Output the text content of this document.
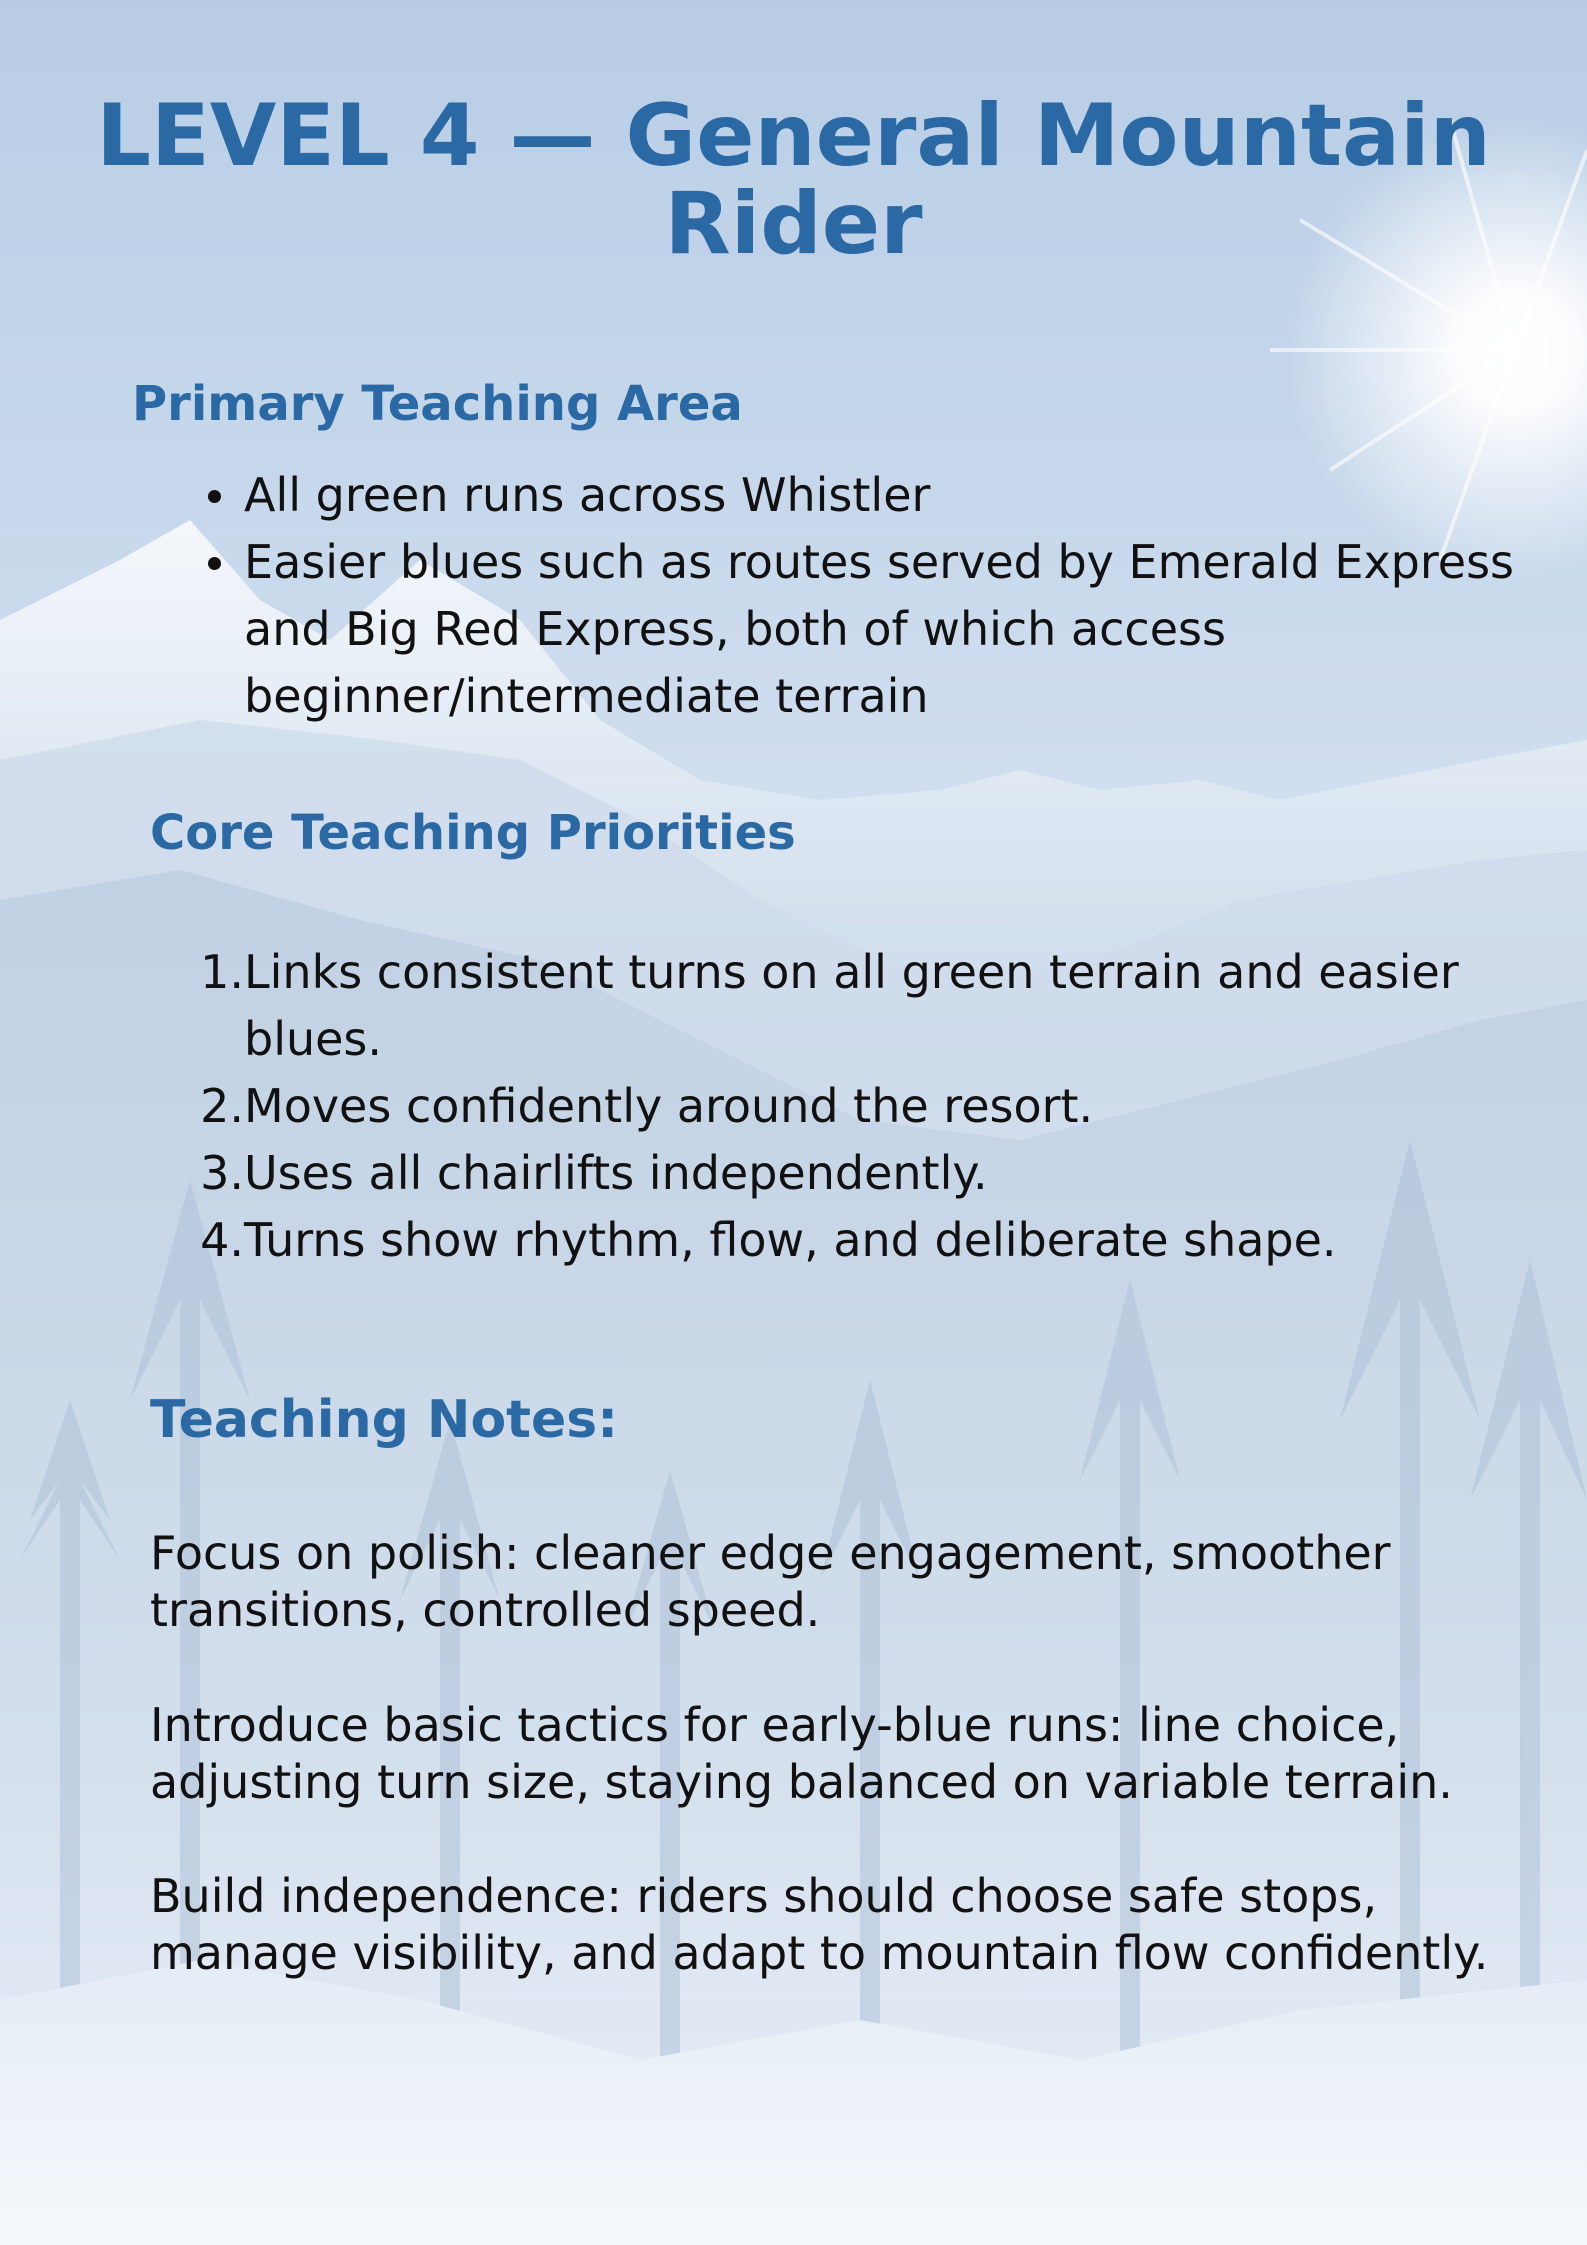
LEVEL 4 — General Mountain
Rider
Primary Teaching Area
All green runs across Whistler
Easier blues such as routes served by Emerald Express and Big Red Express, both of which access beginner/intermediate terrain
Core Teaching Priorities
1. Links consistent turns on all green terrain and easier blues.
2. Moves confidently around the resort.
3. Uses all chairlifts independently.
4. Turns show rhythm, flow, and deliberate shape.
Teaching Notes:

Focus on polish: cleaner edge engagement, smoother transitions, controlled speed.

Introduce basic tactics for early-blue runs: line choice, adjusting turn size, staying balanced on variable terrain.

Build independence: riders should choose safe stops, manage visibility, and adapt to mountain flow confidently.
